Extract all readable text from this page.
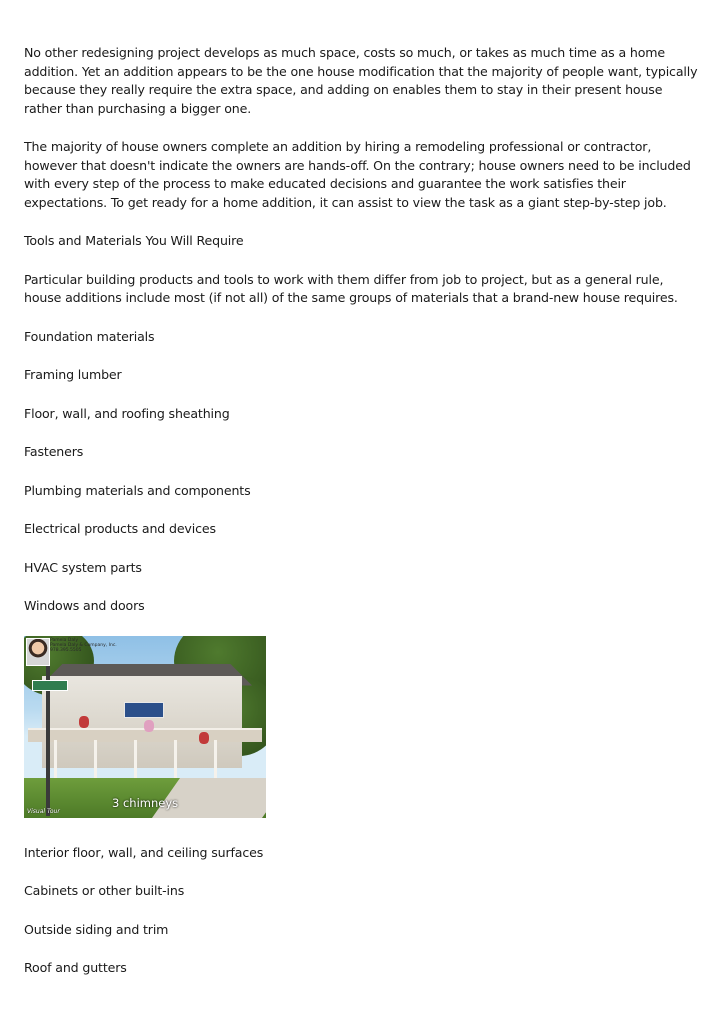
No other redesigning project develops as much space, costs so much, or takes as much time as a home addition. Yet an addition appears to be the one house modification that the majority of people want, typically because they really require the extra space, and adding on enables them to stay in their present house rather than purchasing a bigger one.

The majority of house owners complete an addition by hiring a remodeling professional or contractor, however that doesn't indicate the owners are hands-off. On the contrary; house owners need to be included with every step of the process to make educated decisions and guarantee the work satisfies their expectations. To get ready for a home addition, it can assist to view the task as a giant step-by-step job.

Tools and Materials You Will Require

Particular building products and tools to work with them differ from job to project, but as a general rule, house additions include most (if not all) of the same groups of materials that a brand-new house requires.

Foundation materials

Framing lumber

Floor, wall, and roofing sheathing

Fasteners

Plumbing materials and components

Electrical products and devices

HVAC system parts

Windows and doors

Pamela Daly
Pamela Daly & Company, Inc.
978.395.5505
3 chimneys
Visual Tour

Interior floor, wall, and ceiling surfaces

Cabinets or other built-ins

Outside siding and trim

Roof and gutters
